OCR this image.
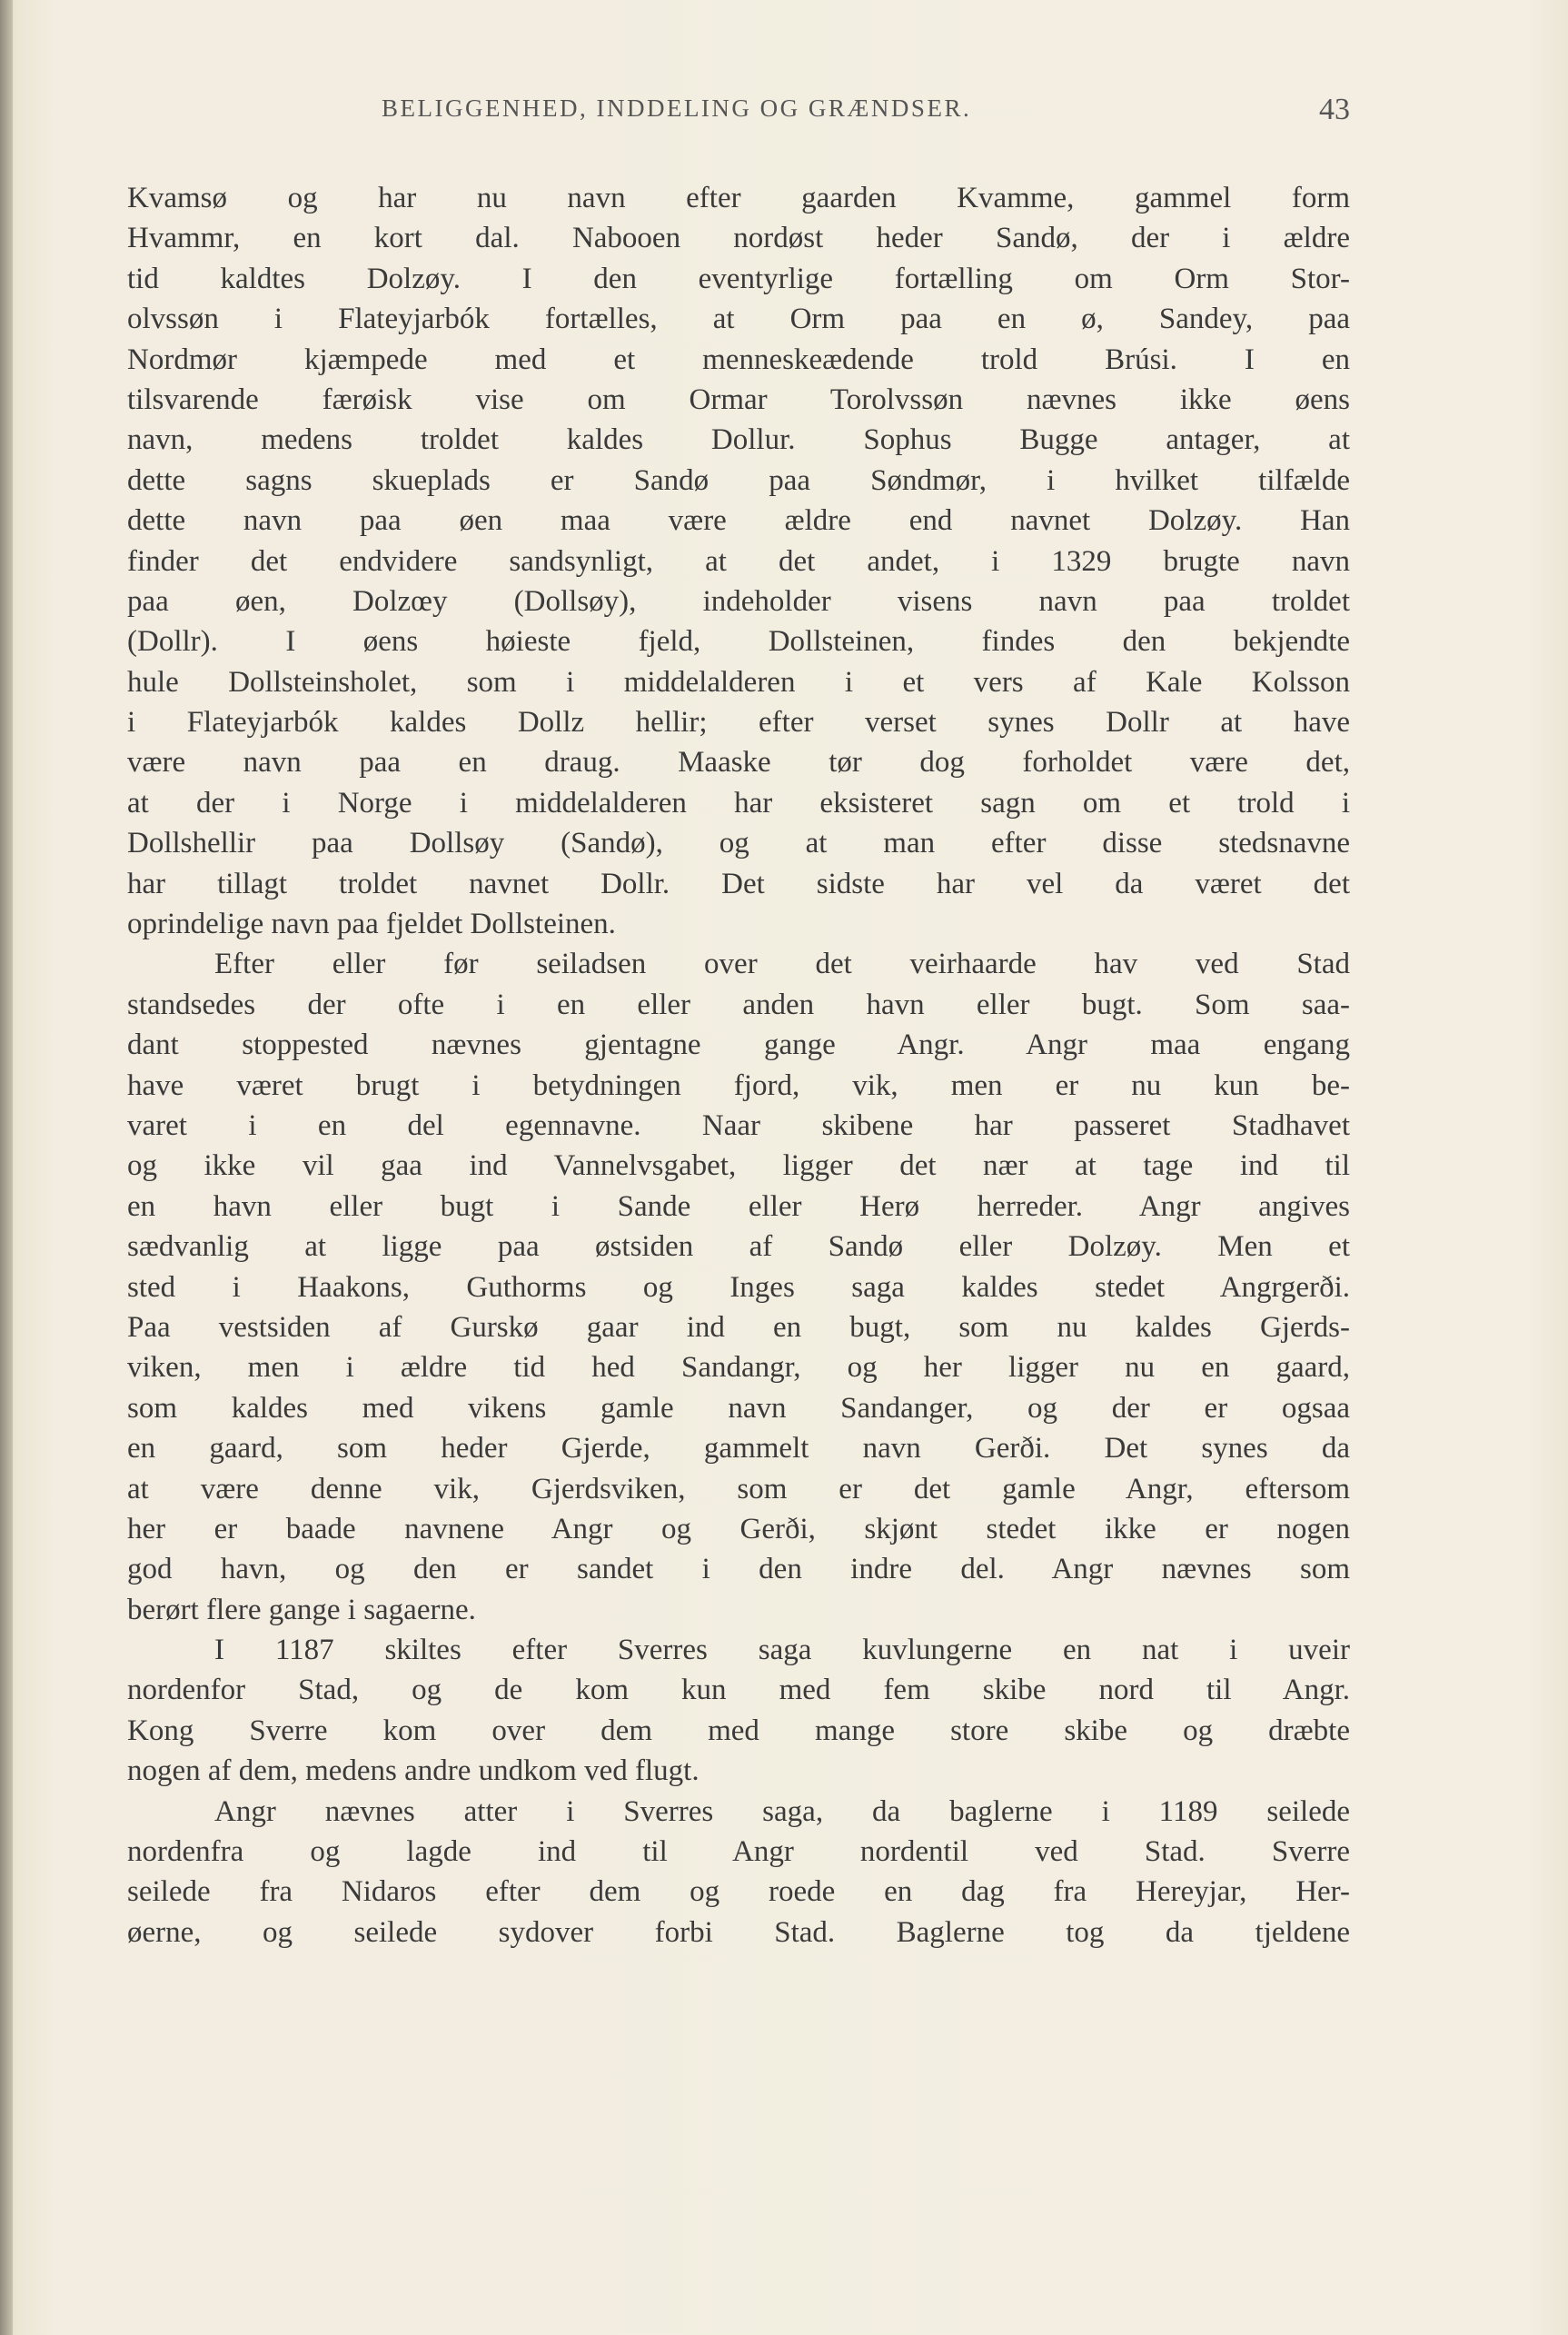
BELIGGENHED, INDDELING OG GRÆNDSER.	43
Kvamsø og har nu navn efter gaarden Kvamme, gammel form
Hvammr, en kort dal. Nabooen nordøst heder Sandø, der i ældre
tid kaldtes Dolzøy. I den eventyrlige fortælling om Orm Stor-
olvssøn i Flateyjarbók fortælles, at Orm paa en ø, Sandey, paa
Nordmør kjæmpede med et menneskeædende trold Brúsi. I en
tilsvarende færøisk vise om Ormar Torolvssøn nævnes ikke øens
navn, medens troldet kaldes Dollur. Sophus Bugge antager, at
dette sagns skueplads er Sandø paa Søndmør, i hvilket tilfælde
dette navn paa øen maa være ældre end navnet Dolzøy. Han
finder det endvidere sandsynligt, at det andet, i 1329 brugte navn
paa øen, Dolzœy (Dollsøy), indeholder visens navn paa troldet
(Dollr). I øens høieste fjeld, Dollsteinen, findes den bekjendte
hule Dollsteinsholet, som i middelalderen i et vers af Kale Kolsson
i Flateyjarbók kaldes Dollz hellir; efter verset synes Dollr at have
være navn paa en draug. Maaske tør dog forholdet være det,
at der i Norge i middelalderen har eksisteret sagn om et trold i
Dollshellir paa Dollsøy (Sandø), og at man efter disse stedsnavne
har tillagt troldet navnet Dollr. Det sidste har vel da været det
oprindelige navn paa fjeldet Dollsteinen.
Efter eller før seiladsen over det veirhaarde hav ved Stad
standsedes der ofte i en eller anden havn eller bugt. Som saa-
dant stoppested nævnes gjentagne gange Angr. Angr maa engang
have været brugt i betydningen fjord, vik, men er nu kun be-
varet i en del egennavne. Naar skibene har passeret Stadhavet
og ikke vil gaa ind Vannelvsgabet, ligger det nær at tage ind til
en havn eller bugt i Sande eller Herø herreder. Angr angives
sædvanlig at ligge paa østsiden af Sandø eller Dolzøy. Men et
sted i Haakons, Guthorms og Inges saga kaldes stedet Angrgerði.
Paa vestsiden af Gurskø gaar ind en bugt, som nu kaldes Gjerds-
viken, men i ældre tid hed Sandangr, og her ligger nu en gaard,
som kaldes med vikens gamle navn Sandanger, og der er ogsaa
en gaard, som heder Gjerde, gammelt navn Gerði. Det synes da
at være denne vik, Gjerdsviken, som er det gamle Angr, eftersom
her er baade navnene Angr og Gerði, skjønt stedet ikke er nogen
god havn, og den er sandet i den indre del. Angr nævnes som
berørt flere gange i sagaerne.
I 1187 skiltes efter Sverres saga kuvlungerne en nat i uveir
nordenfor Stad, og de kom kun med fem skibe nord til Angr.
Kong Sverre kom over dem med mange store skibe og dræbte
nogen af dem, medens andre undkom ved flugt.
Angr nævnes atter i Sverres saga, da baglerne i 1189 seilede
nordenfra og lagde ind til Angr nordentil ved Stad. Sverre
seilede fra Nidaros efter dem og roede en dag fra Hereyjar, Her-
øerne, og seilede sydover forbi Stad. Baglerne tog da tjeldene
